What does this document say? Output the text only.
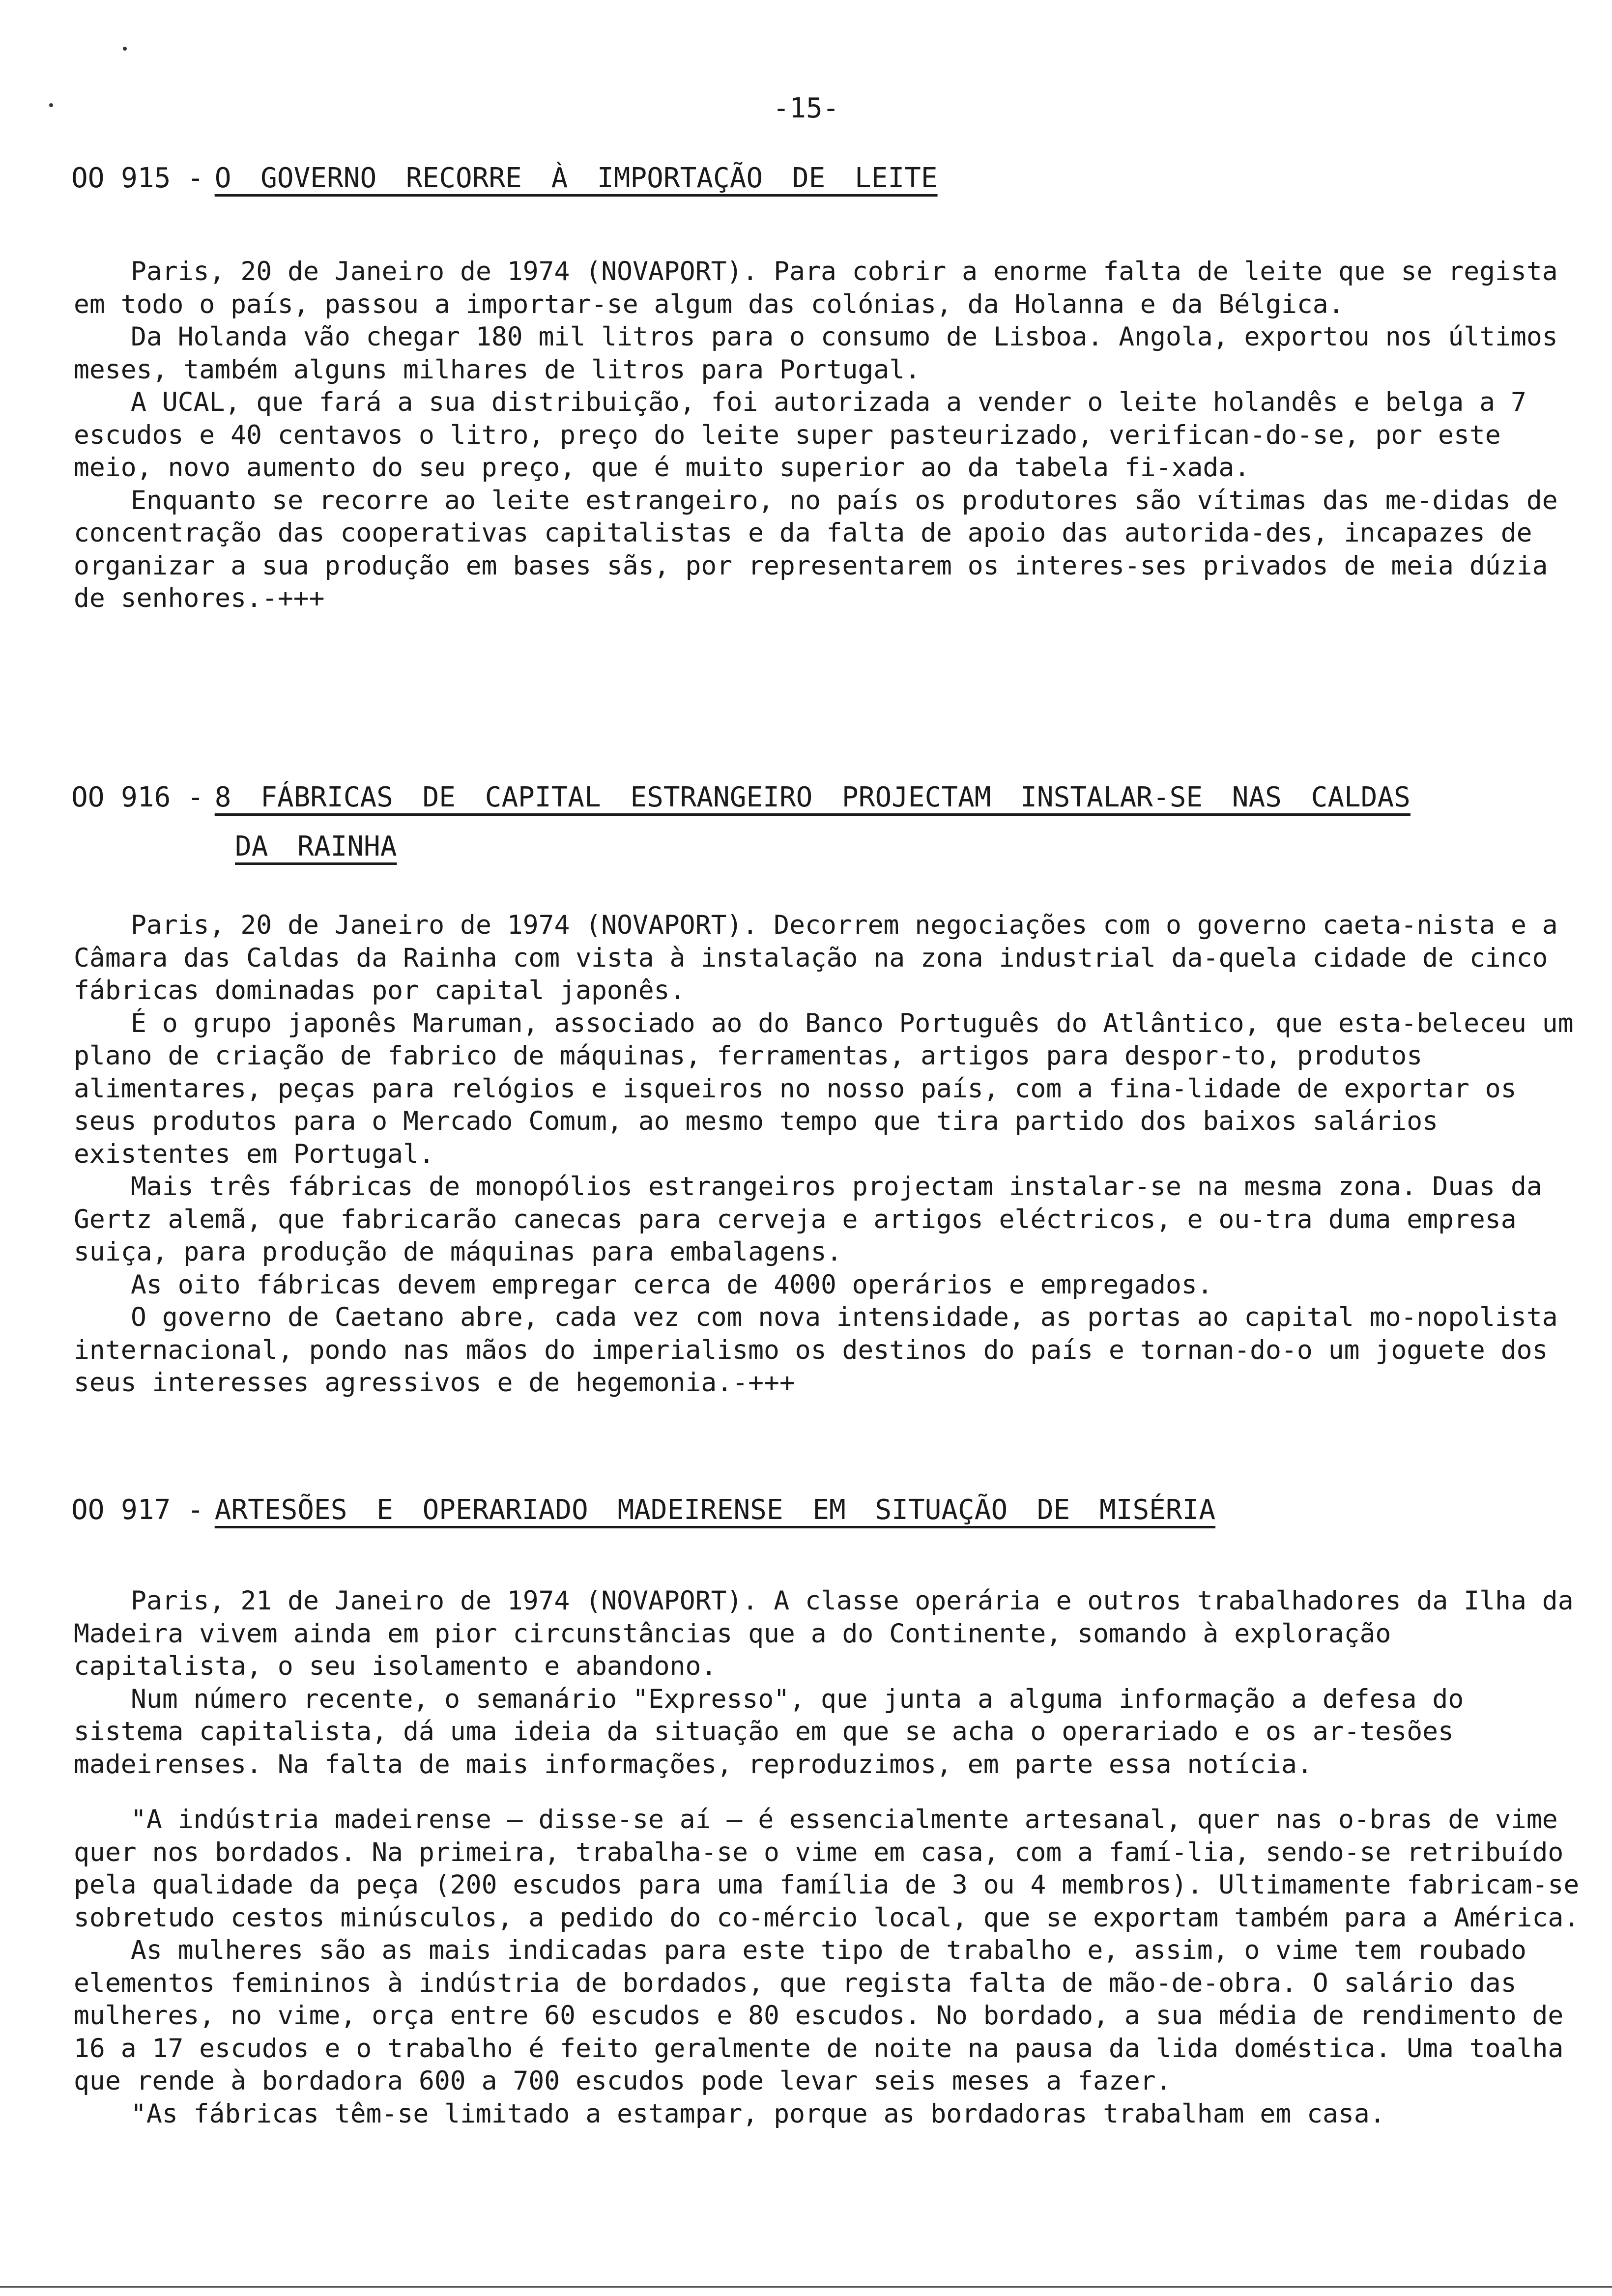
-15-
OO 915 - O GOVERNO RECORRE À IMPORTAÇÃO DE LEITE

Paris, 20 de Janeiro de 1974 (NOVAPORT). Para cobrir a enorme falta de leite que se regista em todo o país, passou a importar-se algum das colónias, da Holanna e da Bélgica.

Da Holanda vão chegar 180 mil litros para o consumo de Lisboa. Angola, exportou nos últimos meses, também alguns milhares de litros para Portugal.

A UCAL, que fará a sua distribuição, foi autorizada a vender o leite holandês e belga a 7 escudos e 40 centavos o litro, preço do leite super pasteurizado, verifican-do-se, por este meio, novo aumento do seu preço, que é muito superior ao da tabela fi-xada.

Enquanto se recorre ao leite estrangeiro, no país os produtores são vítimas das me-didas de concentração das cooperativas capitalistas e da falta de apoio das autorida-des, incapazes de organizar a sua produção em bases sãs, por representarem os interes-ses privados de meia dúzia de senhores.-+++

OO 916 - 8 FÁBRICAS DE CAPITAL ESTRANGEIRO PROJECTAM INSTALAR-SE NAS CALDAS
DA RAINHA

Paris, 20 de Janeiro de 1974 (NOVAPORT). Decorrem negociações com o governo caeta-nista e a Câmara das Caldas da Rainha com vista à instalação na zona industrial da-quela cidade de cinco fábricas dominadas por capital japonês.

É o grupo japonês Maruman, associado ao do Banco Português do Atlântico, que esta-beleceu um plano de criação de fabrico de máquinas, ferramentas, artigos para despor-to, produtos alimentares, peças para relógios e isqueiros no nosso país, com a fina-lidade de exportar os seus produtos para o Mercado Comum, ao mesmo tempo que tira partido dos baixos salários existentes em Portugal.

Mais três fábricas de monopólios estrangeiros projectam instalar-se na mesma zona. Duas da Gertz alemã, que fabricarão canecas para cerveja e artigos eléctricos, e ou-tra duma empresa suiça, para produção de máquinas para embalagens.

As oito fábricas devem empregar cerca de 4000 operários e empregados.

O governo de Caetano abre, cada vez com nova intensidade, as portas ao capital mo-nopolista internacional, pondo nas mãos do imperialismo os destinos do país e tornan-do-o um joguete dos seus interesses agressivos e de hegemonia.-+++

OO 917 - ARTESÕES E OPERARIADO MADEIRENSE EM SITUAÇÃO DE MISÉRIA

Paris, 21 de Janeiro de 1974 (NOVAPORT). A classe operária e outros trabalhadores da Ilha da Madeira vivem ainda em pior circunstâncias que a do Continente, somando à exploração capitalista, o seu isolamento e abandono.

Num número recente, o semanário "Expresso", que junta a alguma informação a defesa do sistema capitalista, dá uma ideia da situação em que se acha o operariado e os ar-tesões madeirenses. Na falta de mais informações, reproduzimos, em parte essa notícia.

"A indústria madeirense — disse-se aí — é essencialmente artesanal, quer nas o-bras de vime quer nos bordados. Na primeira, trabalha-se o vime em casa, com a famí-lia, sendo-se retribuído pela qualidade da peça (200 escudos para uma família de 3 ou 4 membros). Ultimamente fabricam-se sobretudo cestos minúsculos, a pedido do co-mércio local, que se exportam também para a América.

As mulheres são as mais indicadas para este tipo de trabalho e, assim, o vime tem roubado elementos femininos à indústria de bordados, que regista falta de mão-de-obra. O salário das mulheres, no vime, orça entre 60 escudos e 80 escudos. No bordado, a sua média de rendimento de 16 a 17 escudos e o trabalho é feito geralmente de noite na pausa da lida doméstica. Uma toalha que rende à bordadora 600 a 700 escudos pode levar seis meses a fazer.

"As fábricas têm-se limitado a estampar, porque as bordadoras trabalham em casa.
